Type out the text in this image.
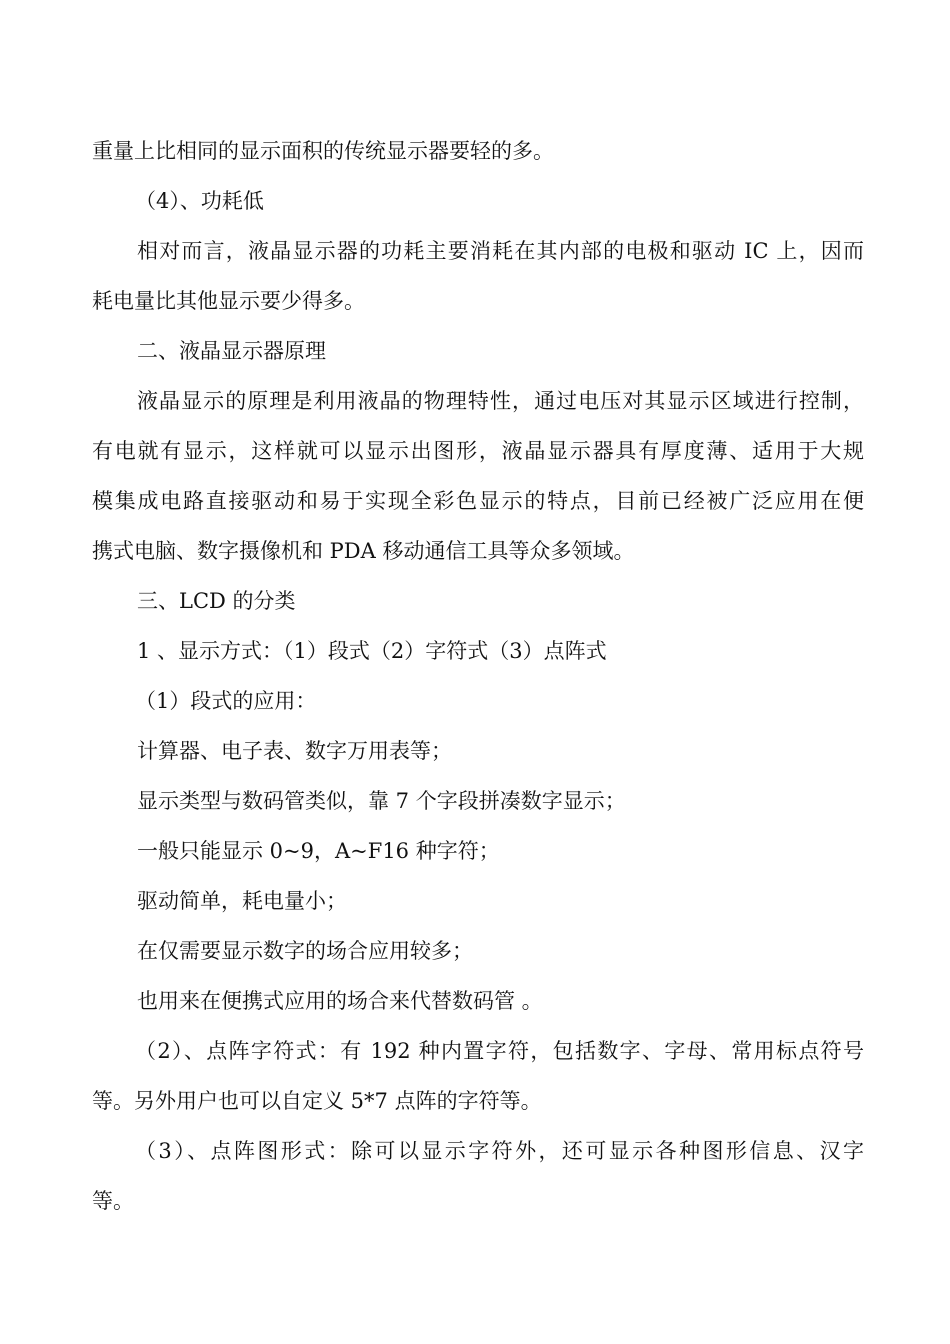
重量上比相同的显示面积的传统显示器要轻的多。
（4）、功耗低
相对而言，液晶显示器的功耗主要消耗在其内部的电极和驱动 IC 上，因而
耗电量比其他显示要少得多。
二、液晶显示器原理
液晶显示的原理是利用液晶的物理特性，通过电压对其显示区域进行控制，
有电就有显示，这样就可以显示出图形，液晶显示器具有厚度薄、适用于大规
模集成电路直接驱动和易于实现全彩色显示的特点，目前已经被广泛应用在便
携式电脑、数字摄像机和 PDA 移动通信工具等众多领域。
三、LCD 的分类
1 、显示方式：（1）段式（2）字符式（3）点阵式
（1）段式的应用：
计算器、电子表、数字万用表等；
显示类型与数码管类似，靠 7 个字段拼凑数字显示；
一般只能显示 0~9，A~F16 种字符；
驱动简单，耗电量小；
在仅需要显示数字的场合应用较多；
也用来在便携式应用的场合来代替数码管 。
（2）、点阵字符式：有 192 种内置字符，包括数字、字母、常用标点符号
等。另外用户也可以自定义 5*7 点阵的字符等。
（3）、点阵图形式：除可以显示字符外，还可显示各种图形信息、汉字
等。
